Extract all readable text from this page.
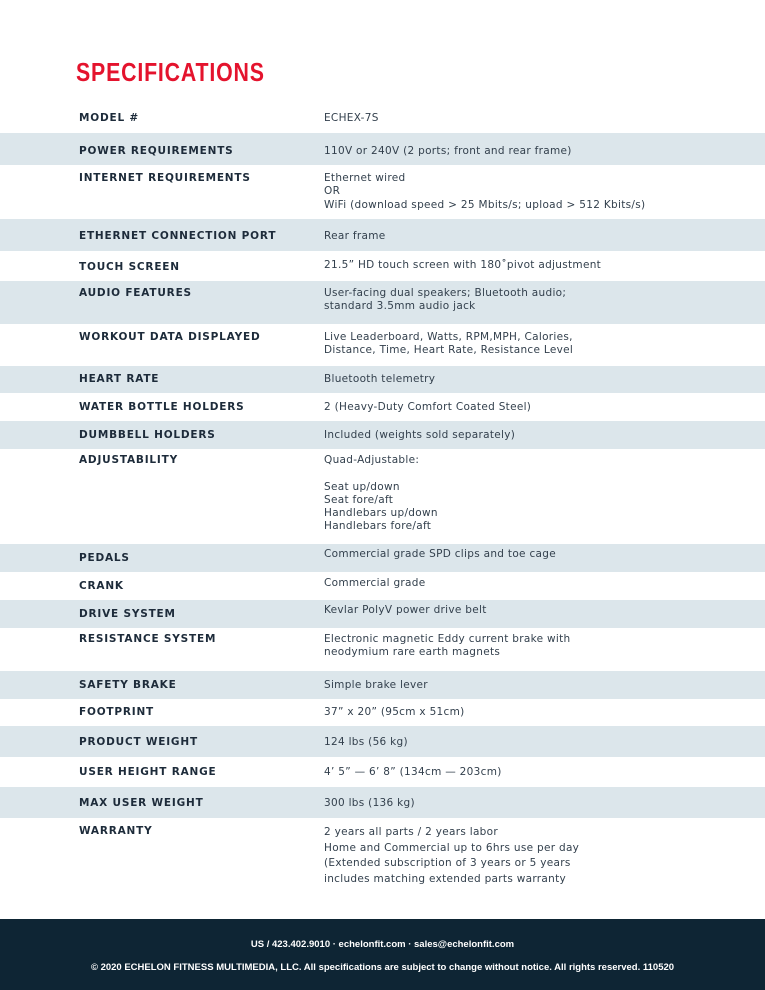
SPECIFICATIONS
MODEL #	ECHEX-7S
POWER REQUIREMENTS	110V or 240V (2 ports; front and rear frame)
INTERNET REQUIREMENTS	Ethernet wired
OR
WiFi (download speed > 25 Mbits/s; upload > 512 Kbits/s)
ETHERNET CONNECTION PORT	Rear frame
TOUCH SCREEN	21.5” HD touch screen with 180˚pivot adjustment
AUDIO FEATURES	User-facing dual speakers; Bluetooth audio;
standard 3.5mm audio jack
WORKOUT DATA DISPLAYED	Live Leaderboard, Watts, RPM,MPH, Calories,
Distance, Time, Heart Rate, Resistance Level
HEART RATE	Bluetooth telemetry
WATER BOTTLE HOLDERS	2 (Heavy-Duty Comfort Coated Steel)
DUMBBELL HOLDERS	Included (weights sold separately)
ADJUSTABILITY	Quad-Adjustable:

Seat up/down
Seat fore/aft
Handlebars up/down
Handlebars fore/aft
PEDALS	Commercial grade SPD clips and toe cage
CRANK	Commercial grade
DRIVE SYSTEM	Kevlar PolyV power drive belt
RESISTANCE SYSTEM	Electronic magnetic Eddy current brake with
neodymium rare earth magnets
SAFETY BRAKE	Simple brake lever
FOOTPRINT	37” x 20” (95cm x 51cm)
PRODUCT WEIGHT	124 lbs (56 kg)
USER HEIGHT RANGE	4’ 5” — 6’ 8” (134cm — 203cm)
MAX USER WEIGHT	300 lbs (136 kg)
WARRANTY	2 years all parts / 2 years labor
Home and Commercial up to 6hrs use per day
(Extended subscription of 3 years or 5 years
includes matching extended parts warranty
US / 423.402.9010 · echelonfit.com · sales@echelonfit.com
© 2020 ECHELON FITNESS MULTIMEDIA, LLC. All specifications are subject to change without notice. All rights reserved. 110520
